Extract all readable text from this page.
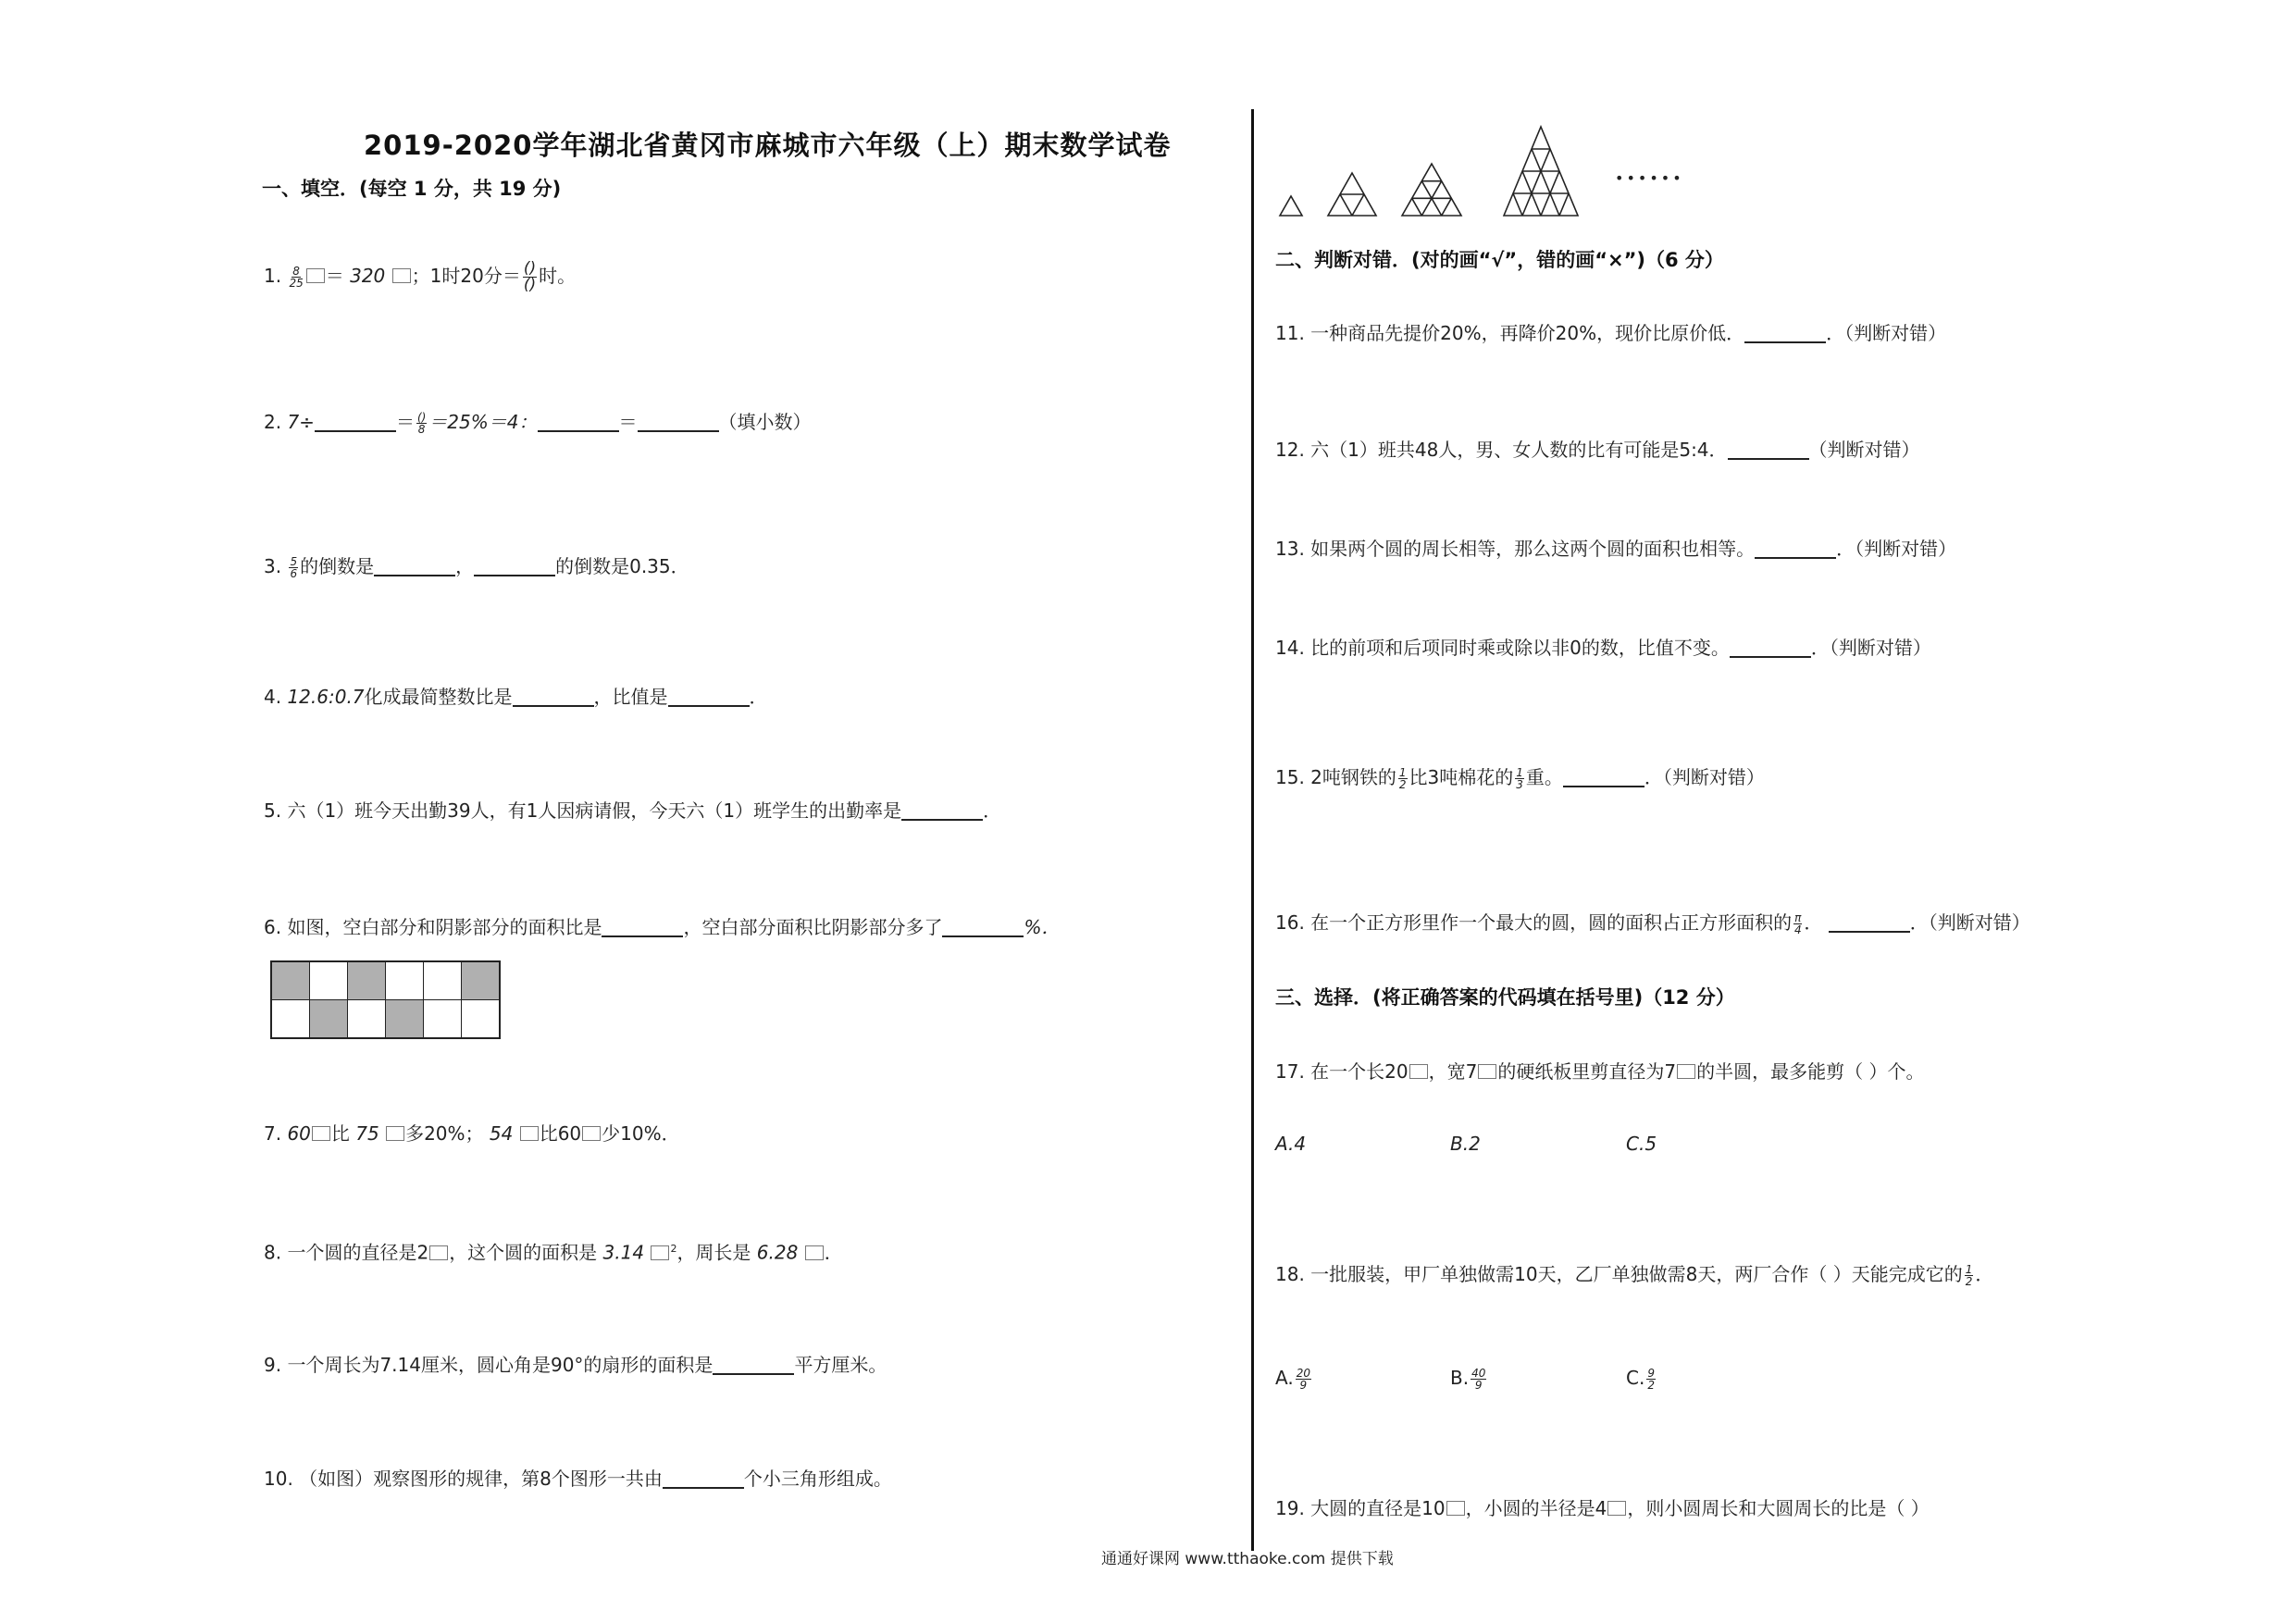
2019-2020学年湖北省黄冈市麻城市六年级（上）期末数学试卷
一、填空．(每空 1 分，共 19 分)
1. $\frac{8}{25} = 320$ ；1时20分＝ $\frac{()}{()}$ 时。
2. 7÷	＝ $\frac{()}{8} =25\%=4$：	＝	（填小数）
3. $\frac{5}{6}$ 的倒数是	，	的倒数是0.35．
4. 12.6:0.7化成最简整数比是	，比值是	．
5. 六（1）班今天出勤39人，有1人因病请假，今天六（1）班学生的出勤率是	．
6. 如图，空白部分和阴影部分的面积比是	，空白部分面积比阴影部分多了	%．

7. 60 比 75 多20%； 54 比60 少10%．
8. 一个圆的直径是2 ，这个圆的面积是 3.14	$^2$，周长是 6.28 ．
9. 一个周长为7.14厘米，圆心角是90°的扇形的面积是	平方厘米。
10. （如图）观察图形的规律，第8个图形一共由	个小三角形组成。
••••••
二、判断对错．(对的画“√”，错的画“×”)（6 分）
11. 一种商品先提价20%，再降价20%，现价比原价低．	．（判断对错）
12. 六（1）班共48人，男、女人数的比有可能是5:4．	（判断对错）
13. 如果两个圆的周长相等，那么这两个圆的面积也相等。	．（判断对错）
14. 比的前项和后项同时乘或除以非0的数，比值不变。	．（判断对错）
15. 2吨钢铁的 $\frac{1}{2}$ 比3吨棉花的 $\frac{1}{3}$ 重。	．（判断对错）
16. 在一个正方形里作一个最大的圆，圆的面积占正方形面积的 $\frac{\pi}{4}$ ．	．（判断对错）
三、选择．(将正确答案的代码填在括号里)（12 分）
17. 在一个长20 ，宽7 的硬纸板里剪直径为7 的半圆，最多能剪（ ）个。
A.4	B.2	C.5
18. 一批服装，甲厂单独做需10天，乙厂单独做需8天，两厂合作（ ）天能完成它的 $\frac{1}{2}$ ．
A. $\frac{20}{9}$	B. $\frac{40}{9}$	C. $\frac{9}{2}$
19. 大圆的直径是10 ，小圆的半径是4 ，则小圆周长和大圆周长的比是（ ）
通通好课网 www.tthaoke.com 提供下载
